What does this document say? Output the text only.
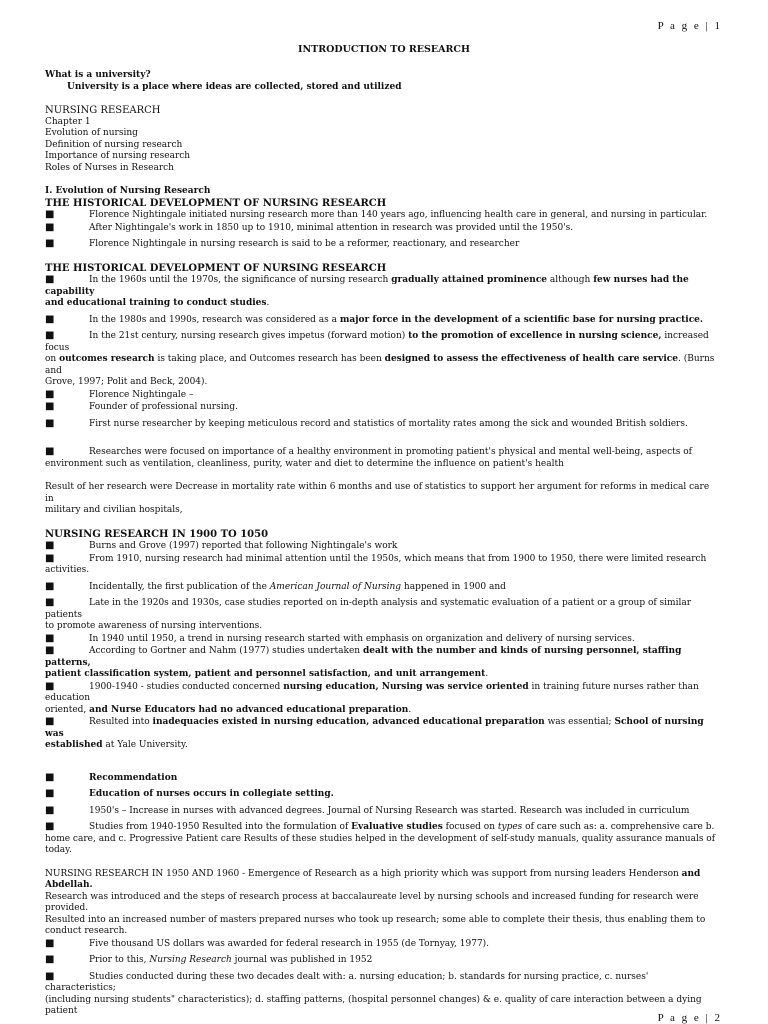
P a g e | 1
INTRODUCTION TO RESEARCH

What is a university?

University is a place where ideas are collected, stored and utilized

NURSING RESEARCH

Chapter 1

Evolution of nursing

Definition of nursing research

Importance of nursing research

Roles of Nurses in Research

I. Evolution of Nursing Research

THE HISTORICAL DEVELOPMENT OF NURSING RESEARCH

■	Florence Nightingale initiated nursing research more than 140 years ago, influencing health care in general, and nursing in particular.

■	After Nightingale's work in 1850 up to 1910, minimal attention in research was provided until the 1950's.

■	Florence Nightingale in nursing research is said to be a reformer, reactionary, and researcher

THE HISTORICAL DEVELOPMENT OF NURSING RESEARCH

■	In the 1960s until the 1970s, the significance of nursing research gradually attained prominence although few nurses had the capability

and educational training to conduct studies.

■	In the 1980s and 1990s, research was considered as a major force in the development of a scientific base for nursing practice.

■	In the 21st century, nursing research gives impetus (forward motion) to the promotion of excellence in nursing science, increased focus

on outcomes research is taking place, and Outcomes research has been designed to assess the effectiveness of health care service. (Burns and

Grove, 1997; Polit and Beck, 2004).

■	Florence Nightingale –

■	Founder of professional nursing.

■	First nurse researcher by keeping meticulous record and statistics of mortality rates among the sick and wounded British soldiers.

■	Researches were focused on importance of a healthy environment in promoting patient's physical and mental well-being, aspects of

environment such as ventilation, cleanliness, purity, water and diet to determine the influence on patient's health

Result of her research were Decrease in mortality rate within 6 months and use of statistics to support her argument for reforms in medical care in

military and civilian hospitals,

NURSING RESEARCH IN 1900 TO 1050

■	Burns and Grove (1997) reported that following Nightingale's work

■	From 1910, nursing research had minimal attention until the 1950s, which means that from 1900 to 1950, there were limited research

activities.

■	Incidentally, the first publication of the American Journal of Nursing happened in 1900 and

■	Late in the 1920s and 1930s, case studies reported on in-depth analysis and systematic evaluation of a patient or a group of similar patients

to promote awareness of nursing interventions.

■	In 1940 until 1950, a trend in nursing research started with emphasis on organization and delivery of nursing services.

■	According to Gortner and Nahm (1977) studies undertaken dealt with the number and kinds of nursing personnel, staffing patterns,

patient classification system, patient and personnel satisfaction, and unit arrangement.

■	1900-1940 - studies conducted concerned nursing education, Nursing was service oriented in training future nurses rather than education

oriented, and Nurse Educators had no advanced educational preparation.

■	Resulted into inadequacies existed in nursing education, advanced educational preparation was essential; School of nursing was

established at Yale University.

■	Recommendation

■	Education of nurses occurs in collegiate setting.

■	1950's – Increase in nurses with advanced degrees. Journal of Nursing Research was started. Research was included in curriculum

■	Studies from 1940-1950 Resulted into the formulation of Evaluative studies focused on types of care such as: a. comprehensive care b.

home care, and c. Progressive Patient care Results of these studies helped in the development of self-study manuals, quality assurance manuals of

today.

NURSING RESEARCH IN 1950 AND 1960 - Emergence of Research as a high priority which was support from nursing leaders Henderson and

Abdellah.

Research was introduced and the steps of research process at baccalaureate level by nursing schools and increased funding for research were

provided.

Resulted into an increased number of masters prepared nurses who took up research; some able to complete their thesis, thus enabling them to

conduct research.

■	Five thousand US dollars was awarded for federal research in 1955 (de Tornyay, 1977).

■	Prior to this, Nursing Research journal was published in 1952

■	Studies conducted during these two decades dealt with: a. nursing education; b. standards for nursing practice, c. nurses' characteristics;

(including nursing students" characteristics); d. staffing patterns, (hospital personnel changes) & e. quality of care interaction between a dying patient

P a g e | 2
